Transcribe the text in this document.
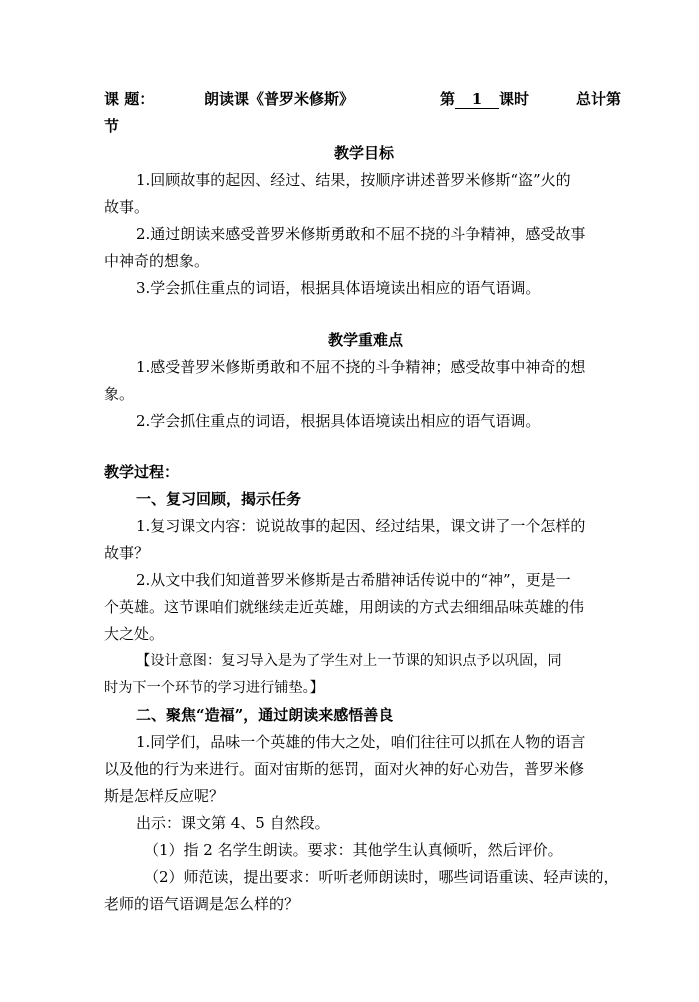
课 题：	朗读课《普罗米修斯》	第 1 课时	总计第
节
教学目标
1.回顾故事的起因、经过、结果，按顺序讲述普罗米修斯“盗”火的
故事。
2.通过朗读来感受普罗米修斯勇敢和不屈不挠的斗争精神，感受故事
中神奇的想象。
3.学会抓住重点的词语，根据具体语境读出相应的语气语调。
教学重难点
1.感受普罗米修斯勇敢和不屈不挠的斗争精神；感受故事中神奇的想
象。
2.学会抓住重点的词语，根据具体语境读出相应的语气语调。
教学过程：
一、复习回顾，揭示任务
1.复习课文内容：说说故事的起因、经过结果，课文讲了一个怎样的
故事？
2.从文中我们知道普罗米修斯是古希腊神话传说中的“神”，更是一
个英雄。这节课咱们就继续走近英雄，用朗读的方式去细细品味英雄的伟
大之处。
【设计意图：复习导入是为了学生对上一节课的知识点予以巩固，同
时为下一个环节的学习进行铺垫。】
二、聚焦“造福”，通过朗读来感悟善良
1.同学们，品味一个英雄的伟大之处，咱们往往可以抓在人物的语言
以及他的行为来进行。面对宙斯的惩罚，面对火神的好心劝告，普罗米修
斯是怎样反应呢？
出示：课文第 4、5 自然段。
（1）指 2 名学生朗读。要求：其他学生认真倾听，然后评价。
（2）师范读，提出要求：听听老师朗读时，哪些词语重读、轻声读的，
老师的语气语调是怎么样的？
